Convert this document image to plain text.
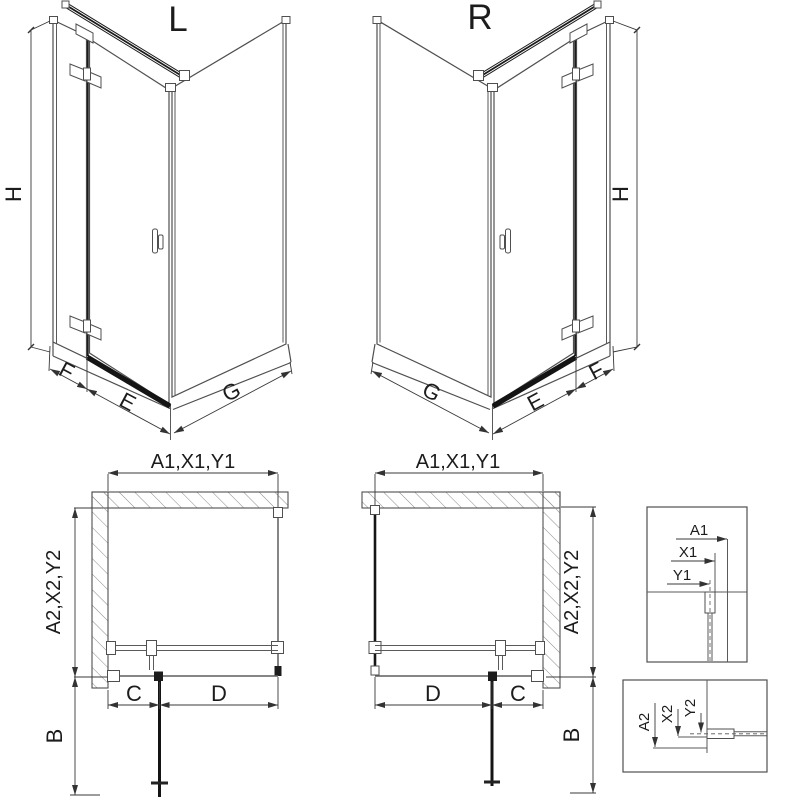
L
H
F
E	G
R
H
F
E
G
A1,X1,Y1
A2,X2,Y2
B
C	D
A1,X1,Y1
A2,X2,Y2
B
D	C
A1
X1
Y1
A2 X2 Y2
